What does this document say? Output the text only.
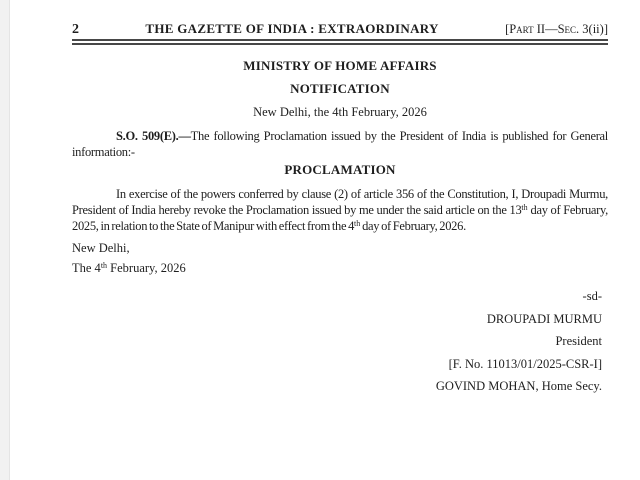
2	THE GAZETTE OF INDIA : EXTRAORDINARY	[Part II—Sec. 3(ii)]
MINISTRY OF HOME AFFAIRS
NOTIFICATION
New Delhi, the 4th February, 2026
S.O. 509(E).—The following Proclamation issued by the President of India is published for General
information:-
PROCLAMATION
In exercise of the powers conferred by clause (2) of article 356 of the Constitution, I, Droupadi Murmu,
President of India hereby revoke the Proclamation issued by me under the said article on the 13th day of February,
2025, in relation to the State of Manipur with effect from the 4th day of February, 2026.
New Delhi,
The 4th February, 2026
-sd-
DROUPADI MURMU
President
[F. No. 11013/01/2025-CSR-I]
GOVIND MOHAN, Home Secy.
